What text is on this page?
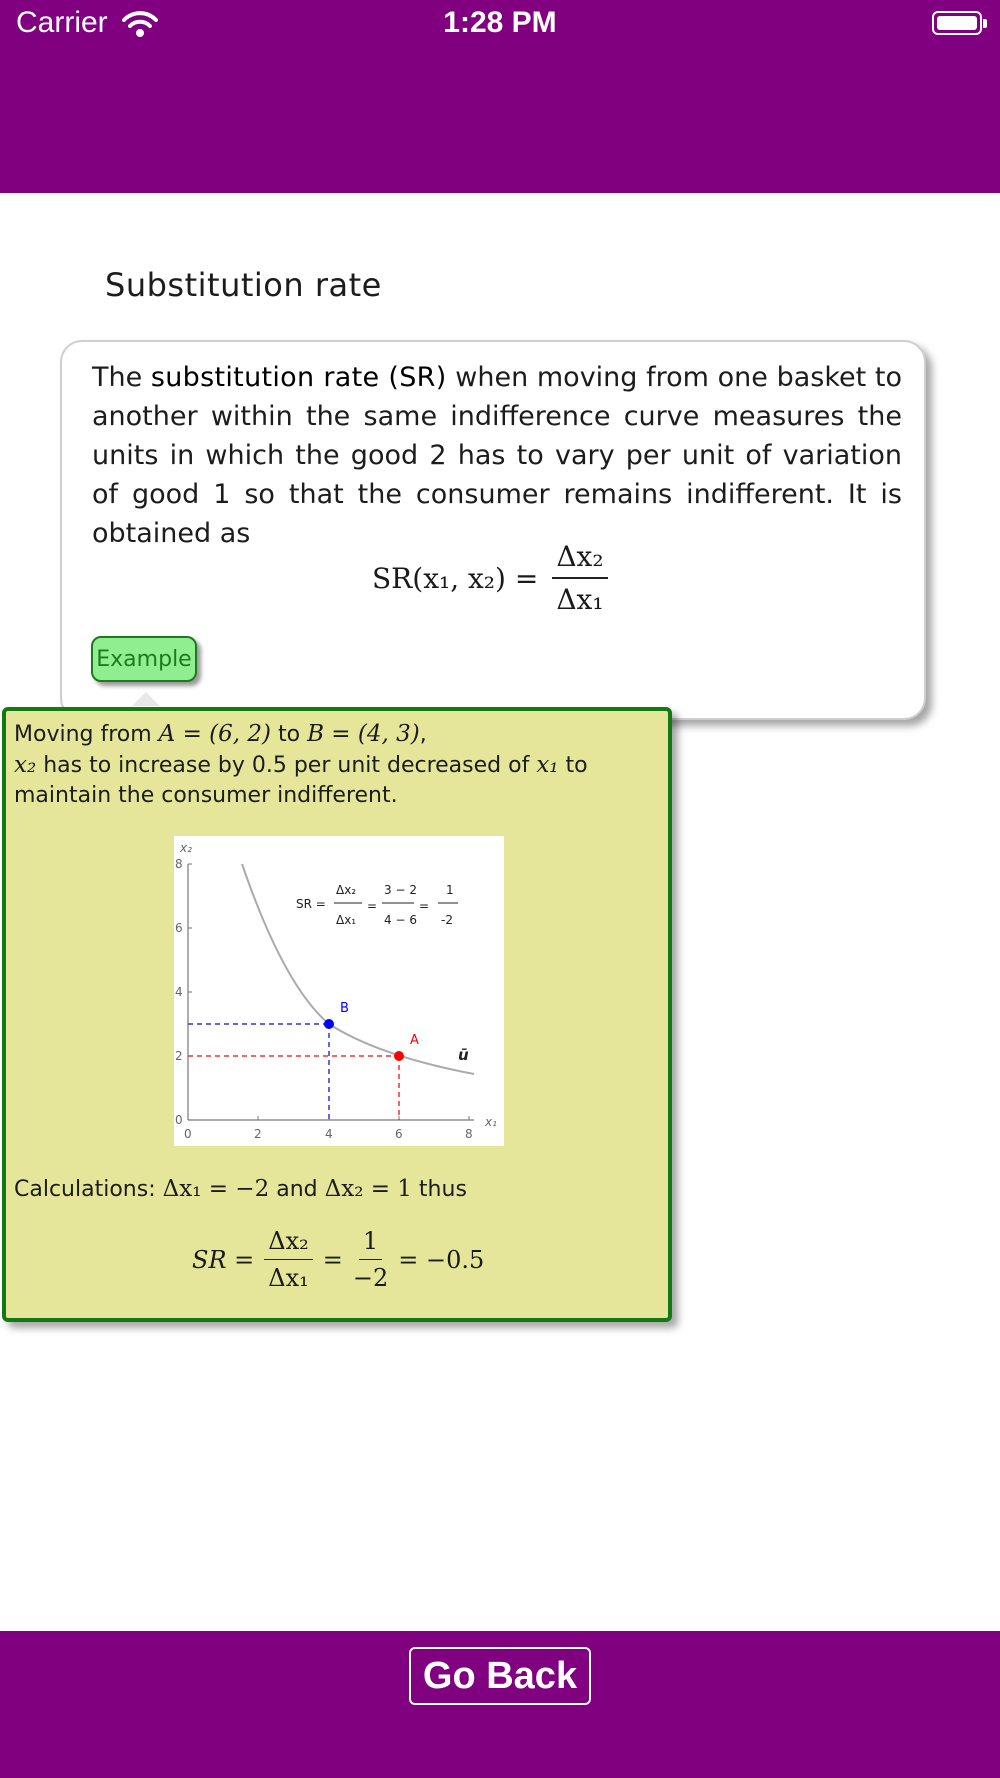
Carrier	1:28 PM
Substitution rate
The substitution rate (SR) when moving from one basket to another within the same indifference curve measures the units in which the good 2 has to vary per unit of variation of good 1 so that the consumer remains indifferent. It is obtained as
SR(x₁, $x_2) = \frac{\text{Δx₂}}{\text{Δx₁}}$
Example
Moving from A = (6, 2) to B = (4, 3),
x₂ has to increase by 0.5 per unit decreased of x₁ to maintain the consumer indifferent.
0	2	4	6	8
0
2
4
6
8
x₁
x₂
B
A
ū
SR =
Δx₂
Δx₁
=
3 − 2
4 − 6
=
1
-2
Calculations: Δx₁ = −2 and Δx₂ = 1 thus
SR = $\frac{\text{Δx₂}}{\text{Δx₁}} = \frac{1}{-2} = -0.5$
Go Back
